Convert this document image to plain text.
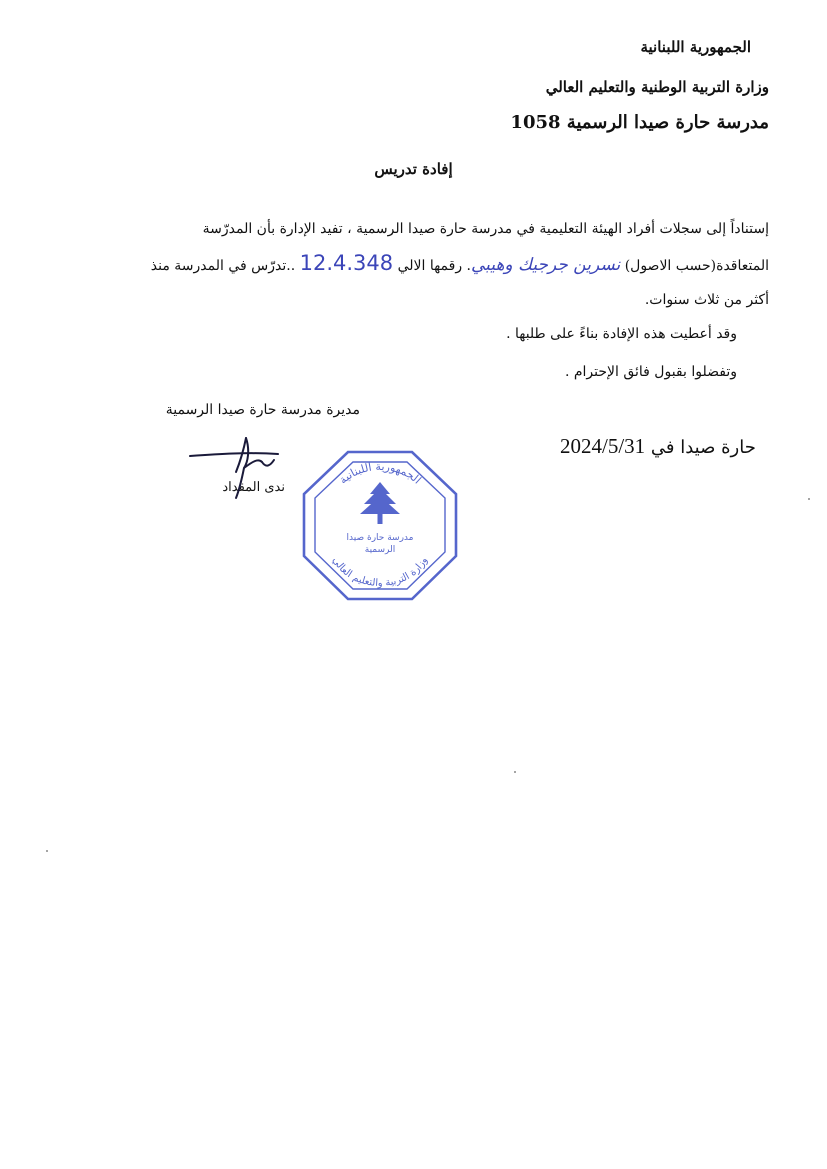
الجمهورية اللبنانية
وزارة التربية الوطنية والتعليم العالي
مدرسة حارة صيدا الرسمية 1058
إفادة تدريس
إستناداً إلى سجلات أفراد الهيئة التعليمية في مدرسة حارة صيدا الرسمية ، تفيد الإدارة بأن المدرّسة
المتعاقدة(حسب الاصول) نسرين جرجيك وهيبي. رقمها الالي 12.4.348 ..تدرّس في المدرسة منذ
أكثر من ثلاث سنوات.
وقد أعطيت هذه الإفادة بناءً على طلبها .
وتفضلوا بقبول فائق الإحترام .
مديرة مدرسة حارة صيدا الرسمية
حارة صيدا في 2024/5/31
ندى المقداد
الجمهورية اللبنانية
وزارة التربية والتعليم العالي
مدرسة حارة صيدا
الرسمية
